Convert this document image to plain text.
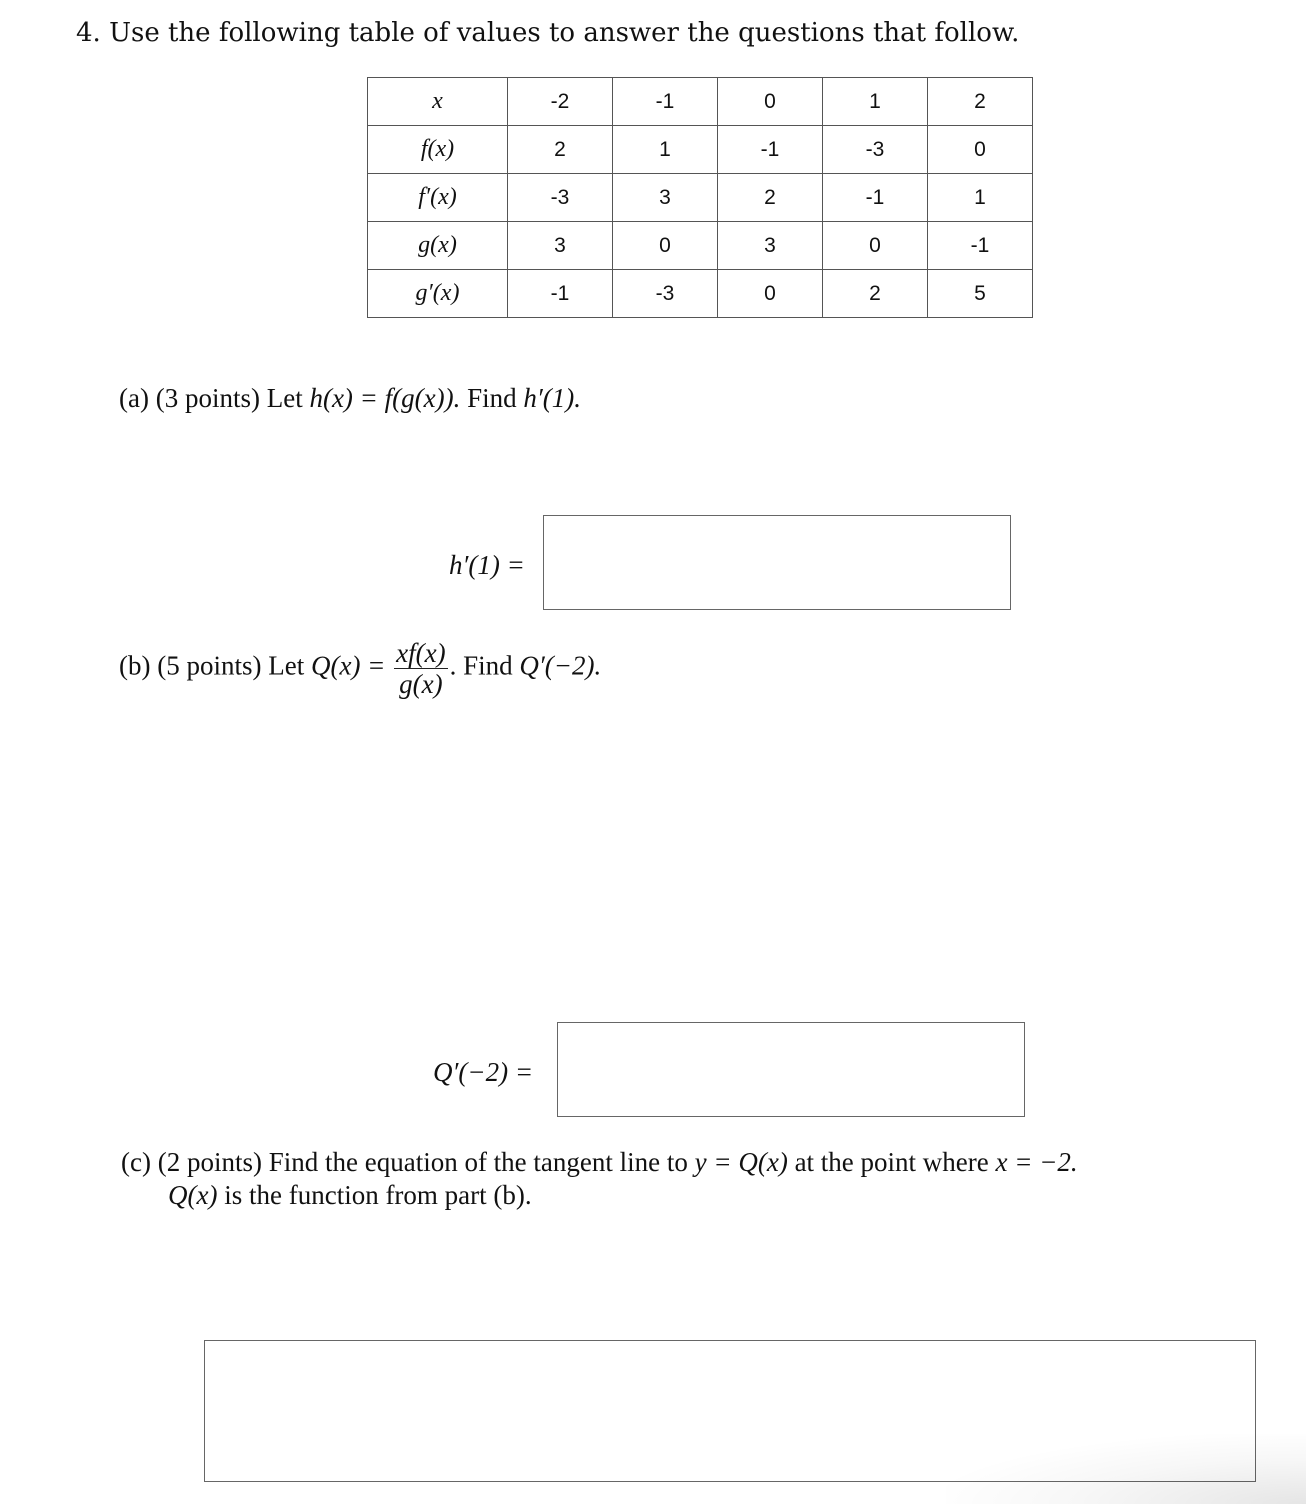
4. Use the following table of values to answer the questions that follow.
x	-2	-1	0	1	2
f(x)	2	1	-1	-3	0
f′(x)	-3	3	2	-1	1
g(x)	3	0	3	0	-1
g′(x)	-1	-3	0	2	5
(a) (3 points) Let h(x) = f(g(x)). Find h′(1).
h′(1) =
(b) (5 points) Let $Q(x) = \frac{xf(x)}{g(x)}$ . Find Q′(−2).
Q′(−2) =
(c) (2 points) Find the equation of the tangent line to y = Q(x) at the point where x = −2.
Q(x) is the function from part (b).
